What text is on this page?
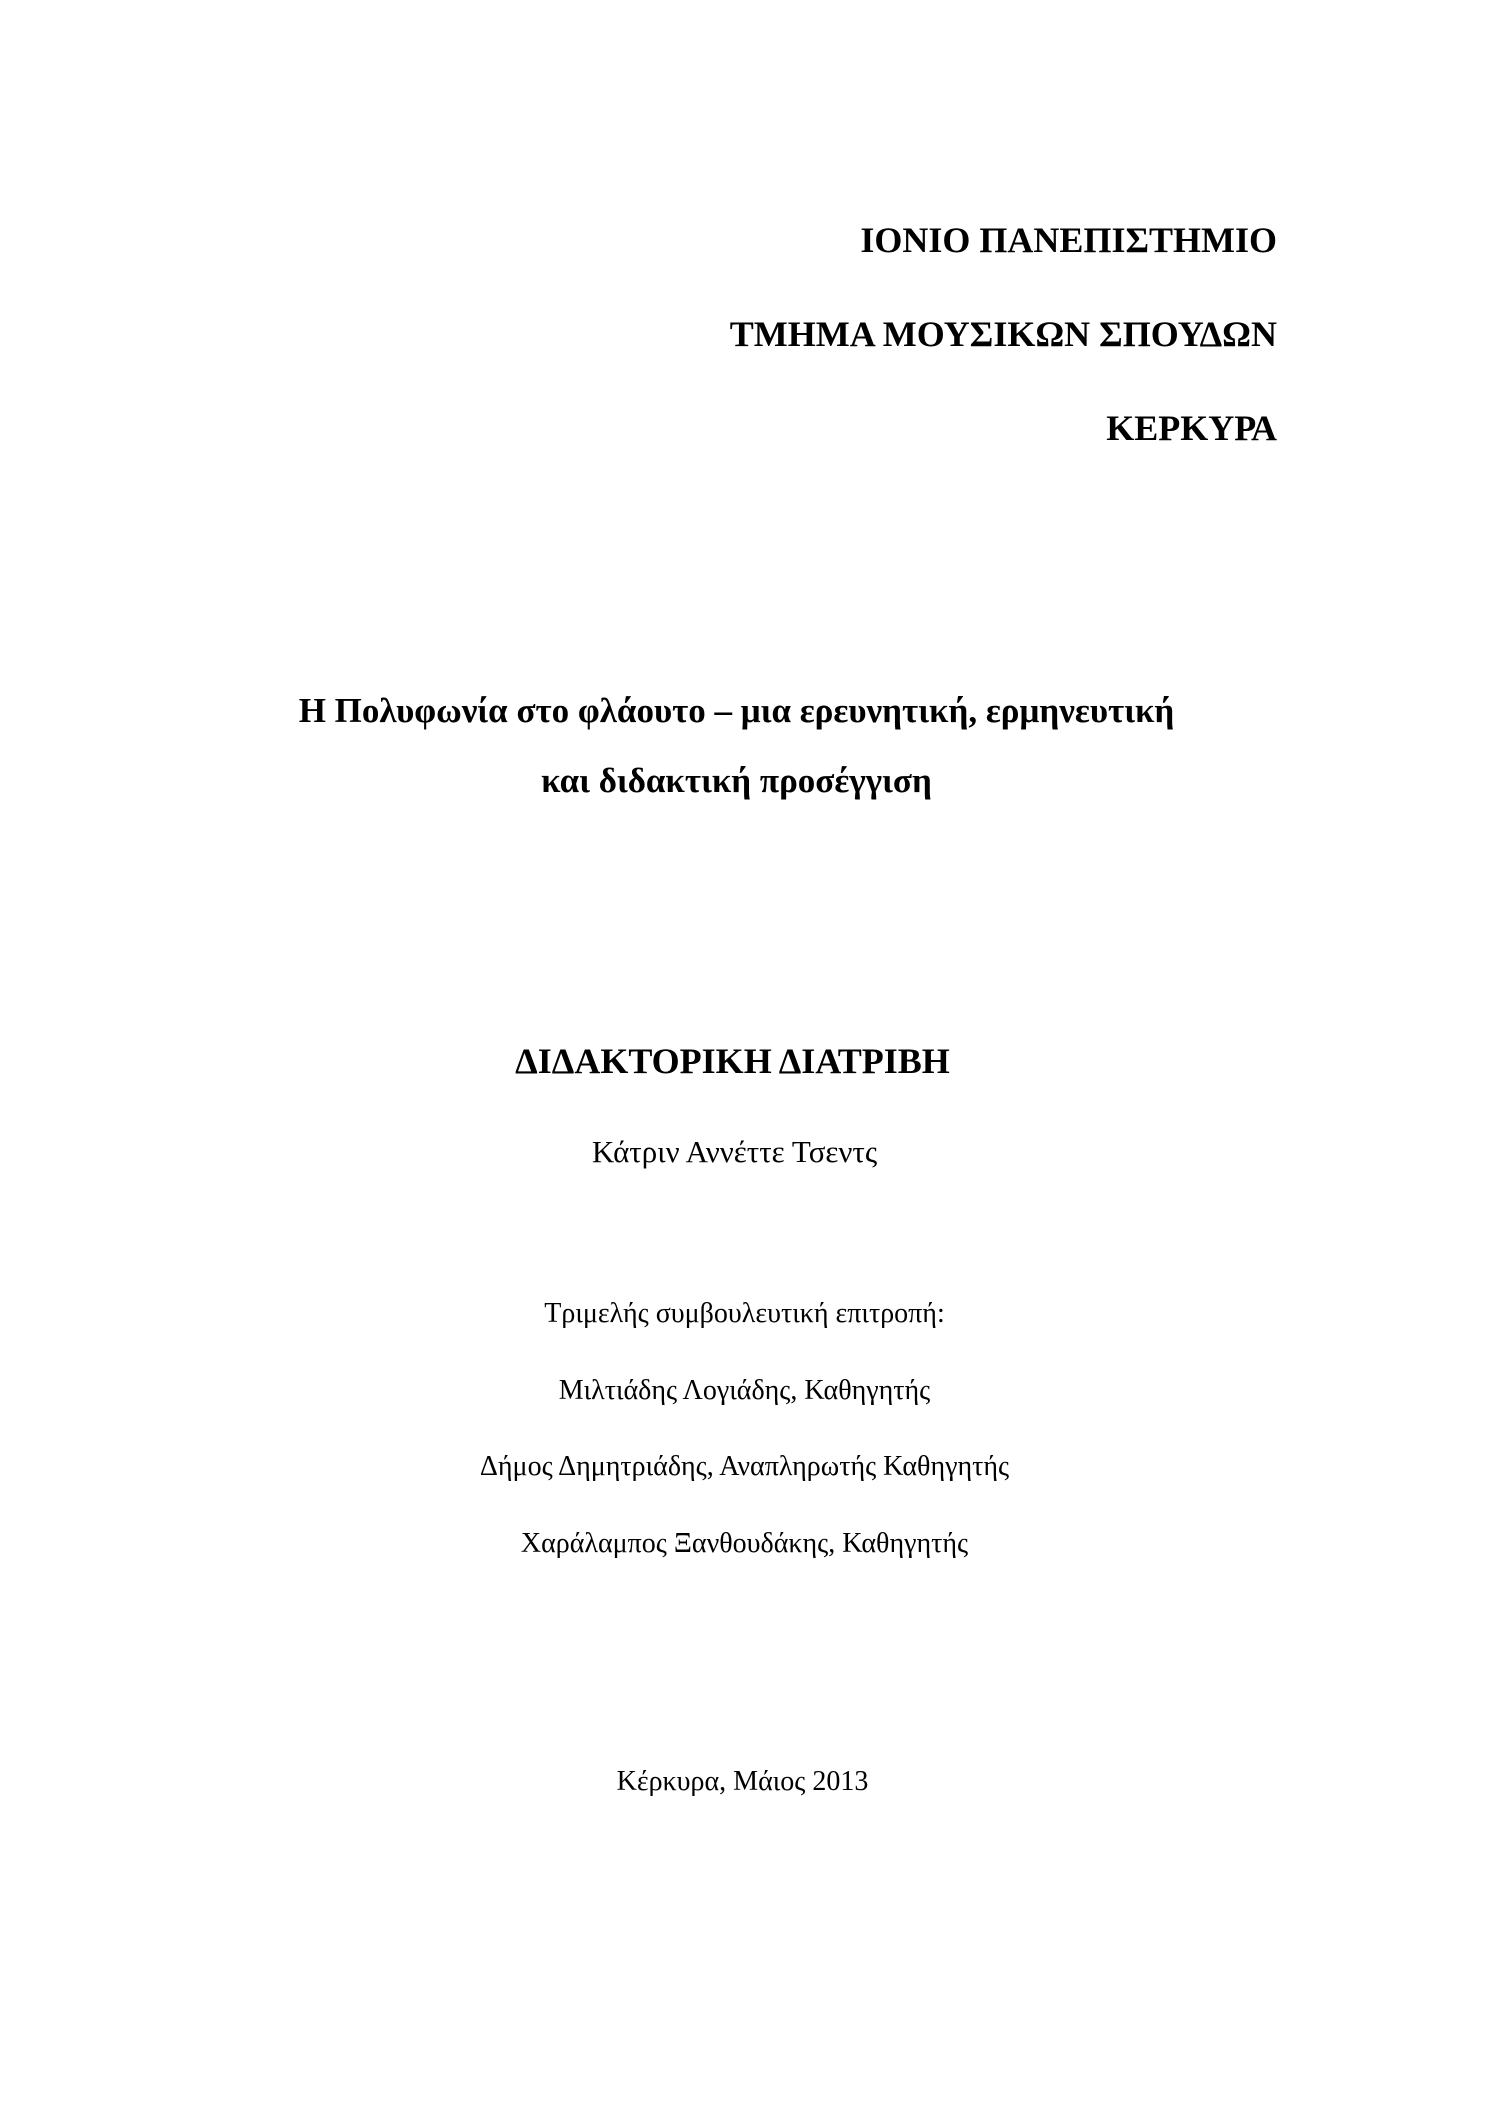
ΙΟΝΙΟ ΠΑΝΕΠΙΣΤΗΜΙΟ

ΤΜΗΜΑ ΜΟΥΣΙΚΩΝ ΣΠΟΥΔΩΝ

ΚΕΡΚΥΡΑ

Η Πολυφωνία στο φλάουτο – μια ερευνητική, ερμηνευτική

και διδακτική προσέγγιση

ΔΙΔΑΚΤΟΡΙΚΗ ΔΙΑΤΡΙΒΗ

Κάτριν Αννέττε Τσεντς

Τριμελής συμβουλευτική επιτροπή:

Μιλτιάδης Λογιάδης, Καθηγητής

Δήμος Δημητριάδης, Αναπληρωτής Καθηγητής

Χαράλαμπος Ξανθουδάκης, Καθηγητής

Κέρκυρα, Μάιος 2013
